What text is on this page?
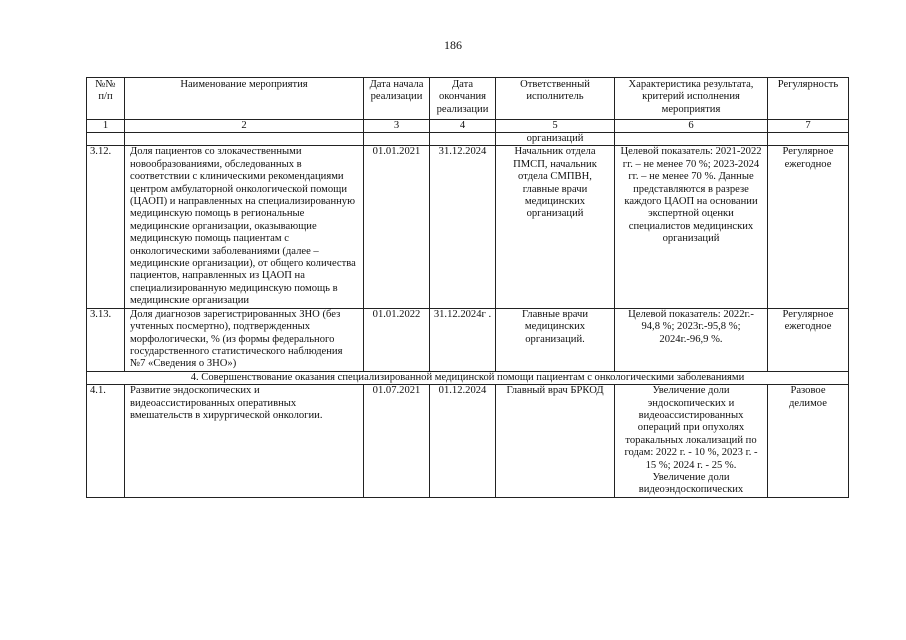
186
№№ п/п	Наименование мероприятия	Дата начала реализации	Дата окончания реализации	Ответственный исполнитель	Характеристика результата, критерий исполнения мероприятия	Регулярность
1	2	3	4	5	6	7
				организаций		
3.12.	Доля пациентов со злокачественными новообразованиями, обследованных в соответствии с клиническими рекомендациями центром амбулаторной онкологической помощи (ЦАОП) и направленных на специализированную медицинскую помощь в региональные медицинские организации, оказывающие медицинскую помощь пациентам с онкологическими заболеваниями (далее – медицинские организации), от общего количества пациентов, направленных из ЦАОП на специализированную медицинскую помощь в медицинские организации	01.01.2021	31.12.2024	Начальник отдела ПМСП, начальник отдела СМПВН, главные врачи медицинских организаций	Целевой показатель: 2021-2022 гг. – не менее 70 %; 2023-2024 гг. – не менее 70 %. Данные представляются в разрезе каждого ЦАОП на основании экспертной оценки специалистов медицинских организаций	Регулярное ежегодное
3.13.	Доля диагнозов зарегистрированных ЗНО (без учтенных посмертно), подтвержденных морфологически, % (из формы федерального государственного статистического наблюдения №7 «Сведения о ЗНО»)	01.01.2022	31.12.2024г .	Главные врачи медицинских организаций.	Целевой показатель: 2022г.- 94,8 %; 2023г.-95,8 %; 2024г.-96,9 %.	Регулярное ежегодное
4. Совершенствование оказания специализированной медицинской помощи пациентам с онкологическими заболеваниями						
4.1.	Развитие эндоскопических и видеоассистированных оперативных вмешательств в хирургической онкологии.	01.07.2021	01.12.2024	Главный врач БРКОД	Увеличение доли эндоскопических и видеоассистированных операций при опухолях торакальных локализаций по годам: 2022 г. - 10 %, 2023 г. - 15 %; 2024 г. - 25 %. Увеличение доли видеоэндоскопических	Разовое делимое
